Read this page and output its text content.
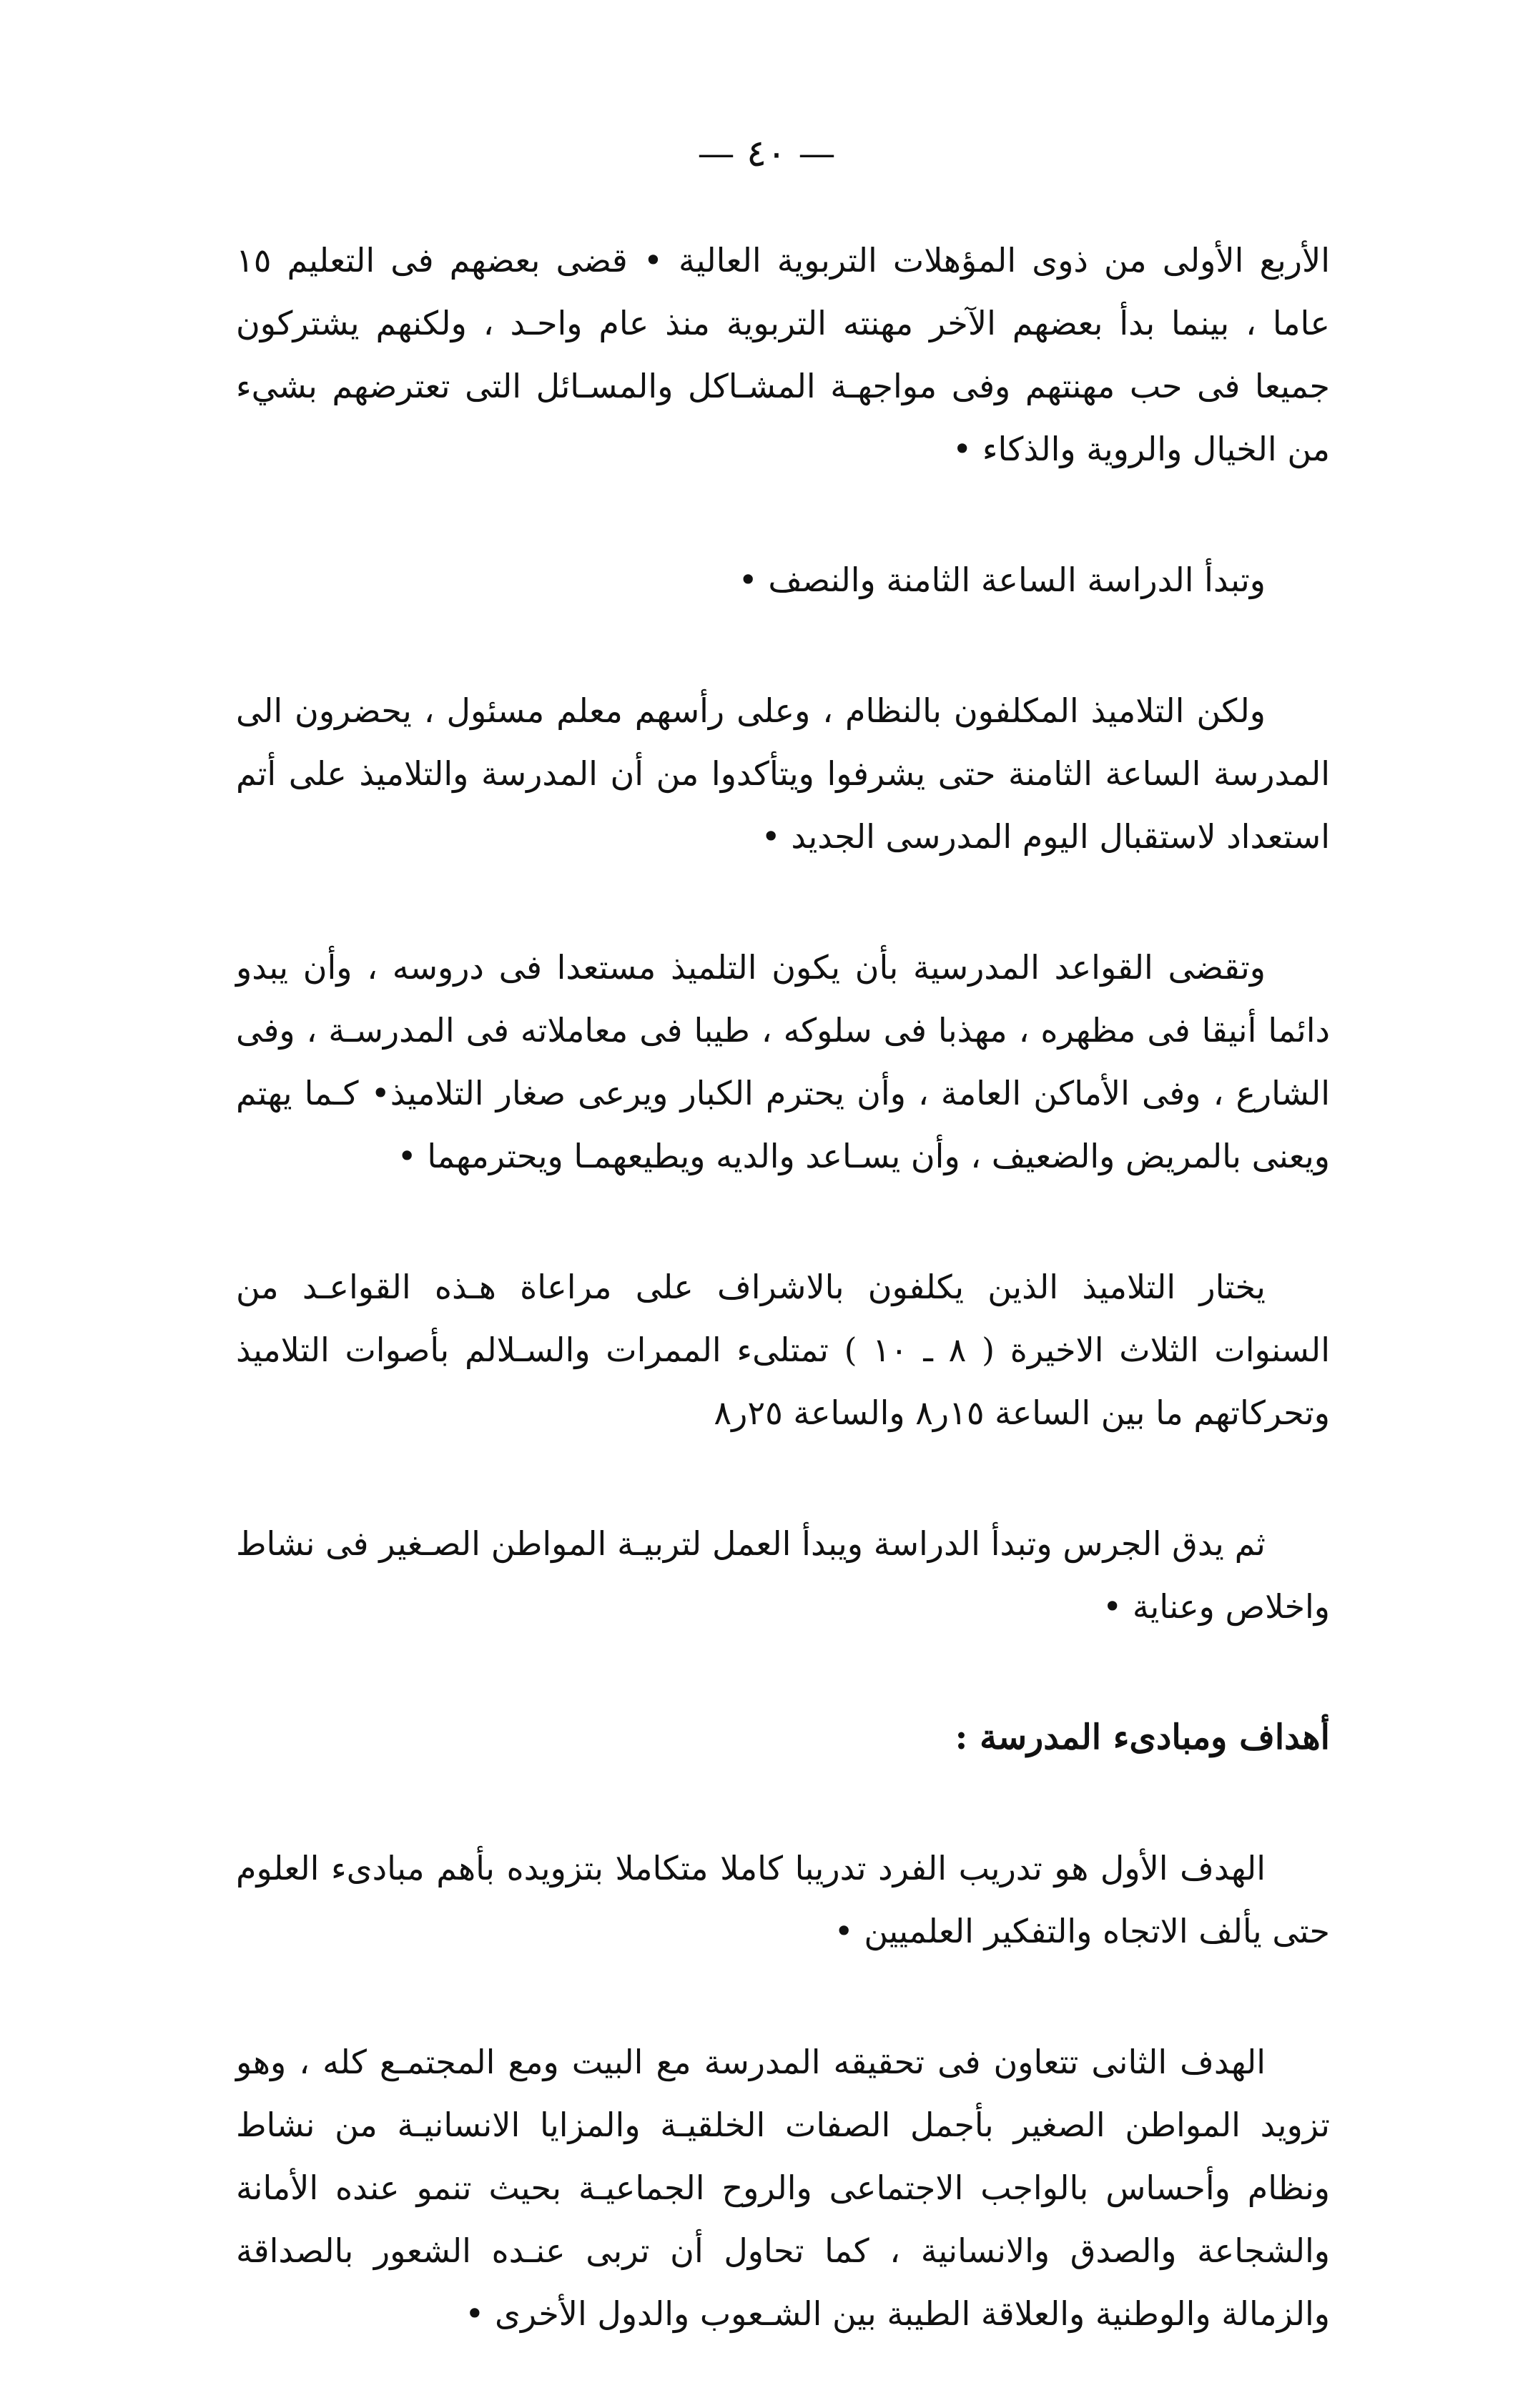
— ٤٠ —

الأربع الأولى من ذوى المؤهلات التربوية العالية • قضى بعضهم فى التعليم ١٥ عاما ، بينما بدأ بعضهم الآخر مهنته التربوية منذ عام واحـد ، ولكنهم يشتركون جميعا فى حب مهنتهم وفى مواجهـة المشـاكل والمسـائل التى تعترضهم بشيء من الخيال والروية والذكاء •

وتبدأ الدراسة الساعة الثامنة والنصف •

ولكن التلاميذ المكلفون بالنظام ، وعلى رأسهم معلم مسئول ، يحضرون الى المدرسة الساعة الثامنة حتى يشرفوا ويتأكدوا من أن المدرسة والتلاميذ على أتم استعداد لاستقبال اليوم المدرسى الجديد •

وتقضى القواعد المدرسية بأن يكون التلميذ مستعدا فى دروسه ، وأن يبدو دائما أنيقا فى مظهره ، مهذبا فى سلوكه ، طيبا فى معاملاته فى المدرسـة ، وفى الشارع ، وفى الأماكن العامة ، وأن يحترم الكبار ويرعى صغار التلاميذ• كـما يهتم ويعنى بالمريض والضعيف ، وأن يسـاعد والديه ويطيعهمـا ويحترمهما •

يختار التلاميذ الذين يكلفون بالاشراف على مراعاة هـذه القواعـد من السنوات الثلاث الاخيرة ( ٨ ـ ١٠ ) تمتلىء الممرات والسـلالم بأصوات التلاميذ وتحركاتهم ما بين الساعة ١٥ر٨ والساعة ٢٥ر٨

ثم يدق الجرس وتبدأ الدراسة ويبدأ العمل لتربيـة المواطن الصـغير فى نشاط واخلاص وعناية •

أهداف ومبادىء المدرسة :

الهدف الأول هو تدريب الفرد تدريبا كاملا متكاملا بتزويده بأهم مبادىء العلوم حتى يألف الاتجاه والتفكير العلميين •

الهدف الثانى تتعاون فى تحقيقه المدرسة مع البيت ومع المجتمـع كله ، وهو تزويد المواطن الصغير بأجمل الصفات الخلقيـة والمزايا الانسانيـة من نشاط ونظام وأحساس بالواجب الاجتماعى والروح الجماعيـة بحيث تنمو عنده الأمانة والشجاعة والصدق والانسانية ، كما تحاول أن تربى عنـده الشعور بالصداقة والزمالة والوطنية والعلاقة الطيبة بين الشـعوب والدول الأخرى •
